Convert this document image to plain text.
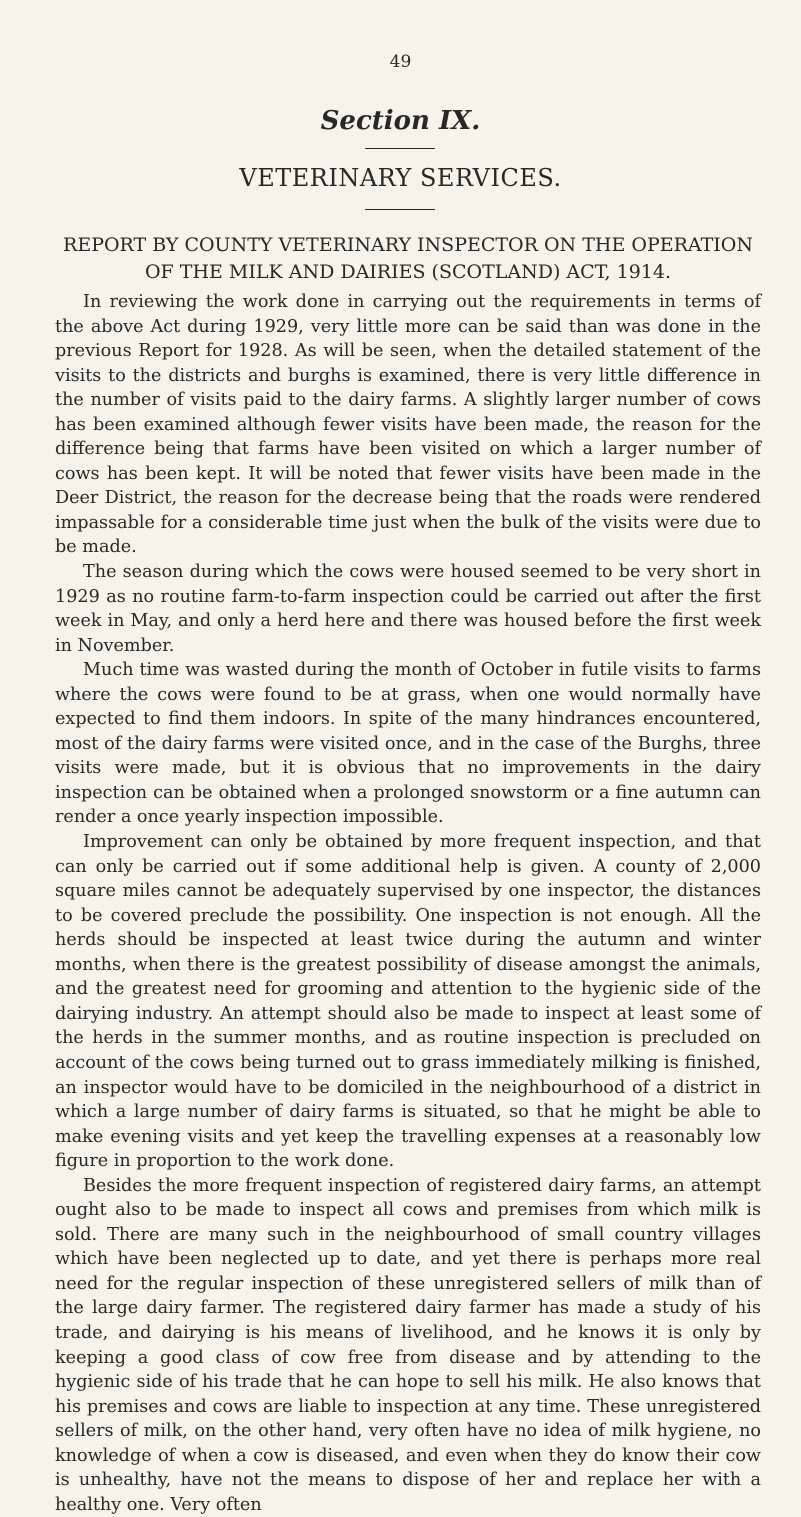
49
Section IX.
VETERINARY SERVICES.
REPORT BY COUNTY VETERINARY INSPECTOR ON THE OPERATION
OF THE MILK AND DAIRIES (SCOTLAND) ACT, 1914.

In reviewing the work done in carrying out the requirements in terms of the above Act during 1929, very little more can be said than was done in the previous Report for 1928. As will be seen, when the detailed statement of the visits to the districts and burghs is examined, there is very little difference in the number of visits paid to the dairy farms. A slightly larger number of cows has been examined although fewer visits have been made, the reason for the difference being that farms have been visited on which a larger number of cows has been kept. It will be noted that fewer visits have been made in the Deer District, the reason for the decrease being that the roads were rendered impassable for a considerable time just when the bulk of the visits were due to be made.

The season during which the cows were housed seemed to be very short in 1929 as no routine farm-to-farm inspection could be carried out after the first week in May, and only a herd here and there was housed before the first week in November.

Much time was wasted during the month of October in futile visits to farms where the cows were found to be at grass, when one would normally have expected to find them indoors. In spite of the many hindrances encountered, most of the dairy farms were visited once, and in the case of the Burghs, three visits were made, but it is obvious that no improvements in the dairy inspection can be obtained when a prolonged snowstorm or a fine autumn can render a once yearly inspection impossible.

Improvement can only be obtained by more frequent inspection, and that can only be carried out if some additional help is given. A county of 2,000 square miles cannot be adequately supervised by one inspector, the distances to be covered preclude the possibility. One inspection is not enough. All the herds should be inspected at least twice during the autumn and winter months, when there is the greatest possibility of disease amongst the animals, and the greatest need for grooming and attention to the hygienic side of the dairying industry. An attempt should also be made to inspect at least some of the herds in the summer months, and as routine inspection is precluded on account of the cows being turned out to grass immediately milking is finished, an inspector would have to be domiciled in the neighbourhood of a district in which a large number of dairy farms is situated, so that he might be able to make evening visits and yet keep the travelling expenses at a reasonably low figure in proportion to the work done.

Besides the more frequent inspection of registered dairy farms, an attempt ought also to be made to inspect all cows and premises from which milk is sold. There are many such in the neighbourhood of small country villages which have been neglected up to date, and yet there is perhaps more real need for the regular inspection of these unregistered sellers of milk than of the large dairy farmer. The registered dairy farmer has made a study of his trade, and dairying is his means of livelihood, and he knows it is only by keeping a good class of cow free from disease and by attending to the hygienic side of his trade that he can hope to sell his milk. He also knows that his premises and cows are liable to inspection at any time. These unregistered sellers of milk, on the other hand, very often have no idea of milk hygiene, no knowledge of when a cow is diseased, and even when they do know their cow is unhealthy, have not the means to dispose of her and replace her with a healthy one. Very often
